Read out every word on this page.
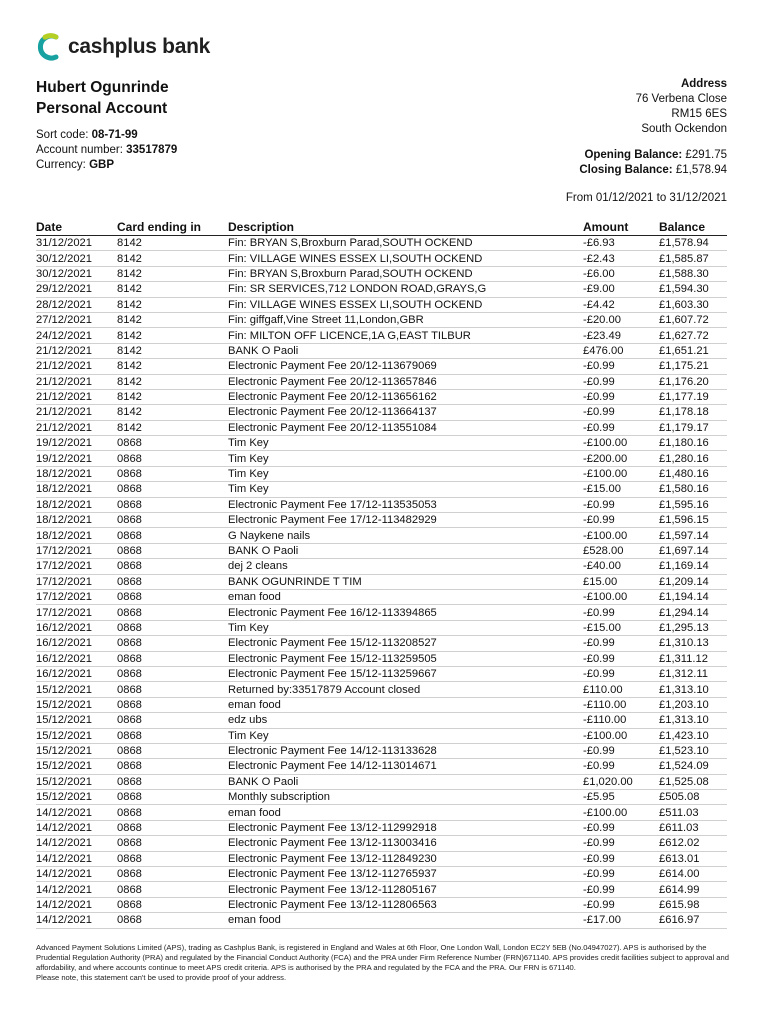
cashplus bank
Hubert Ogunrinde
Personal Account
Sort code: 08-71-99
Account number: 33517879
Currency: GBP
Address
76 Verbena Close
RM15 6ES
South Ockendon
Opening Balance: £291.75
Closing Balance: £1,578.94
From 01/12/2021 to 31/12/2021
Date	Card ending in	Description	Amount	Balance
31/12/2021	8142	Fin: BRYAN S,Broxburn Parad,SOUTH OCKEND	-£6.93	£1,578.94
30/12/2021	8142	Fin: VILLAGE WINES ESSEX LI,SOUTH OCKEND	-£2.43	£1,585.87
30/12/2021	8142	Fin: BRYAN S,Broxburn Parad,SOUTH OCKEND	-£6.00	£1,588.30
29/12/2021	8142	Fin: SR SERVICES,712 LONDON ROAD,GRAYS,G	-£9.00	£1,594.30
28/12/2021	8142	Fin: VILLAGE WINES ESSEX LI,SOUTH OCKEND	-£4.42	£1,603.30
27/12/2021	8142	Fin: giffgaff,Vine Street 11,London,GBR	-£20.00	£1,607.72
24/12/2021	8142	Fin: MILTON OFF LICENCE,1A G,EAST TILBUR	-£23.49	£1,627.72
21/12/2021	8142	BANK O Paoli	£476.00	£1,651.21
21/12/2021	8142	Electronic Payment Fee 20/12-113679069	-£0.99	£1,175.21
21/12/2021	8142	Electronic Payment Fee 20/12-113657846	-£0.99	£1,176.20
21/12/2021	8142	Electronic Payment Fee 20/12-113656162	-£0.99	£1,177.19
21/12/2021	8142	Electronic Payment Fee 20/12-113664137	-£0.99	£1,178.18
21/12/2021	8142	Electronic Payment Fee 20/12-113551084	-£0.99	£1,179.17
19/12/2021	0868	Tim Key	-£100.00	£1,180.16
19/12/2021	0868	Tim Key	-£200.00	£1,280.16
18/12/2021	0868	Tim Key	-£100.00	£1,480.16
18/12/2021	0868	Tim Key	-£15.00	£1,580.16
18/12/2021	0868	Electronic Payment Fee 17/12-113535053	-£0.99	£1,595.16
18/12/2021	0868	Electronic Payment Fee 17/12-113482929	-£0.99	£1,596.15
18/12/2021	0868	G Naykene nails	-£100.00	£1,597.14
17/12/2021	0868	BANK O Paoli	£528.00	£1,697.14
17/12/2021	0868	dej 2 cleans	-£40.00	£1,169.14
17/12/2021	0868	BANK OGUNRINDE T TIM	£15.00	£1,209.14
17/12/2021	0868	eman food	-£100.00	£1,194.14
17/12/2021	0868	Electronic Payment Fee 16/12-113394865	-£0.99	£1,294.14
16/12/2021	0868	Tim Key	-£15.00	£1,295.13
16/12/2021	0868	Electronic Payment Fee 15/12-113208527	-£0.99	£1,310.13
16/12/2021	0868	Electronic Payment Fee 15/12-113259505	-£0.99	£1,311.12
16/12/2021	0868	Electronic Payment Fee 15/12-113259667	-£0.99	£1,312.11
15/12/2021	0868	Returned by:33517879 Account closed	£110.00	£1,313.10
15/12/2021	0868	eman food	-£110.00	£1,203.10
15/12/2021	0868	edz ubs	-£110.00	£1,313.10
15/12/2021	0868	Tim Key	-£100.00	£1,423.10
15/12/2021	0868	Electronic Payment Fee 14/12-113133628	-£0.99	£1,523.10
15/12/2021	0868	Electronic Payment Fee 14/12-113014671	-£0.99	£1,524.09
15/12/2021	0868	BANK O Paoli	£1,020.00	£1,525.08
15/12/2021	0868	Monthly subscription	-£5.95	£505.08
14/12/2021	0868	eman food	-£100.00	£511.03
14/12/2021	0868	Electronic Payment Fee 13/12-112992918	-£0.99	£611.03
14/12/2021	0868	Electronic Payment Fee 13/12-113003416	-£0.99	£612.02
14/12/2021	0868	Electronic Payment Fee 13/12-112849230	-£0.99	£613.01
14/12/2021	0868	Electronic Payment Fee 13/12-112765937	-£0.99	£614.00
14/12/2021	0868	Electronic Payment Fee 13/12-112805167	-£0.99	£614.99
14/12/2021	0868	Electronic Payment Fee 13/12-112806563	-£0.99	£615.98
14/12/2021	0868	eman food	-£17.00	£616.97
Advanced Payment Solutions Limited (APS), trading as Cashplus Bank, is registered in England and Wales at 6th Floor, One London Wall, London EC2Y 5EB (No.04947027). APS is authorised by the Prudential Regulation Authority (PRA) and regulated by the Financial Conduct Authority (FCA) and the PRA under Firm Reference Number (FRN)671140. APS provides credit facilities subject to approval and affordability, and where accounts continue to meet APS credit criteria. APS is authorised by the PRA and regulated by the FCA and the PRA. Our FRN is 671140.
Please note, this statement can't be used to provide proof of your address.
